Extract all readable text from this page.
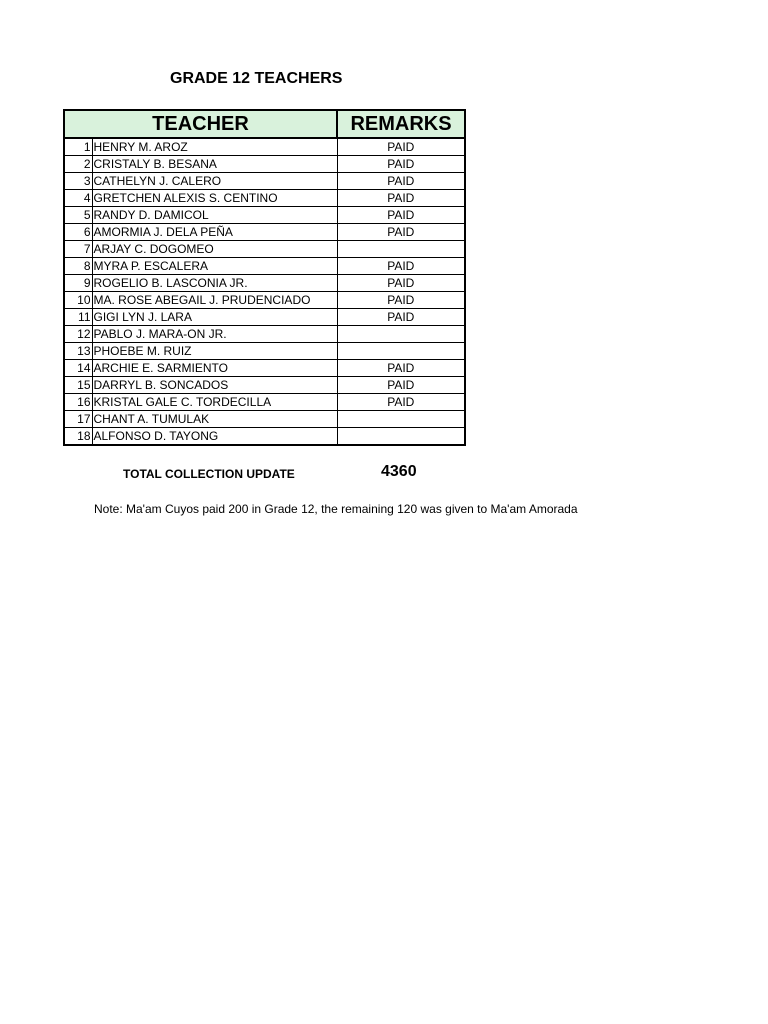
GRADE 12 TEACHERS
TEACHER		REMARKS
1	HENRY M. AROZ	PAID
2	CRISTALY B. BESANA	PAID
3	CATHELYN J. CALERO	PAID
4	GRETCHEN ALEXIS S. CENTINO	PAID
5	RANDY D. DAMICOL	PAID
6	AMORMIA J. DELA PEÑA	PAID
7	ARJAY C. DOGOMEO	
8	MYRA P. ESCALERA	PAID
9	ROGELIO B. LASCONIA JR.	PAID
10	MA. ROSE ABEGAIL J. PRUDENCIADO	PAID
11	GIGI LYN J. LARA	PAID
12	PABLO J. MARA-ON JR.	
13	PHOEBE M. RUIZ	
14	ARCHIE E. SARMIENTO	PAID
15	DARRYL B. SONCADOS	PAID
16	KRISTAL GALE C. TORDECILLA	PAID
17	CHANT A. TUMULAK	
18	ALFONSO D. TAYONG	
TOTAL COLLECTION UPDATE	4360
Note: Ma'am Cuyos paid 200 in Grade 12, the remaining 120 was given to Ma'am Amorada
